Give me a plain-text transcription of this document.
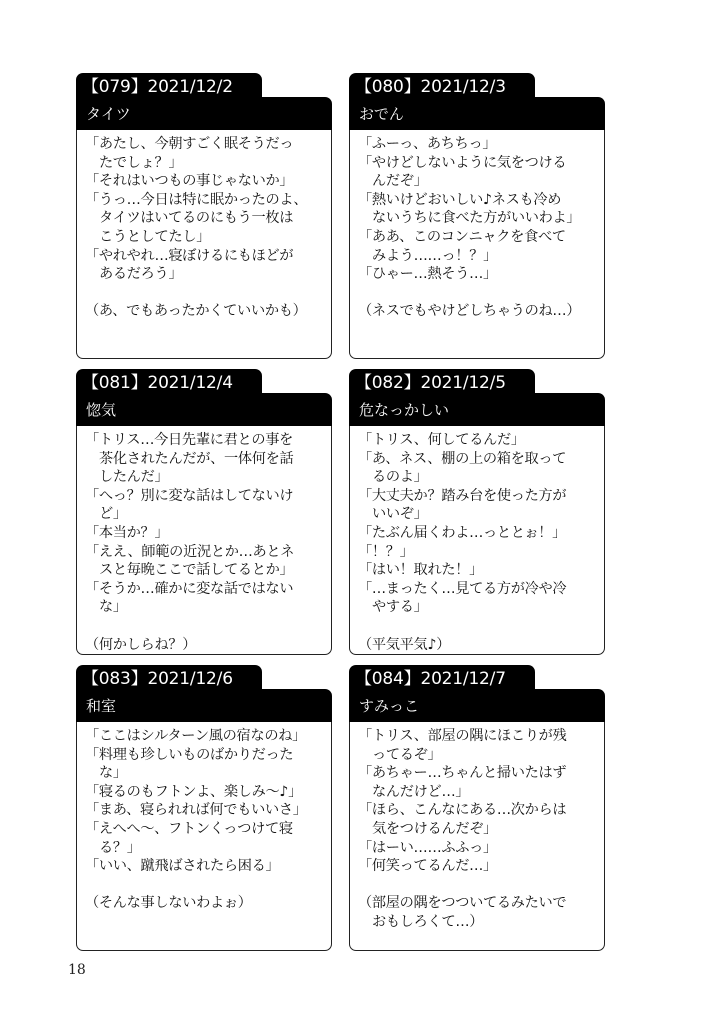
【079】2021/12/2
タイツ
「あたし、今朝すごく眠そうだっ
たでしょ？」
「それはいつもの事じゃないか」
「うっ…今日は特に眠かったのよ、
タイツはいてるのにもう一枚は
こうとしてたし」
「やれやれ…寝ぼけるにもほどが
あるだろう」
（あ、でもあったかくていいかも）
【080】2021/12/3
おでん
「ふーっ、あちちっ」
「やけどしないように気をつける
んだぞ」
「熱いけどおいしい♪ネスも冷め
ないうちに食べた方がいいわよ」
「ああ、このコンニャクを食べて
みよう……っ！？」
「ひゃー…熱そう…」
（ネスでもやけどしちゃうのね…）
【081】2021/12/4
惚気
「トリス…今日先輩に君との事を
茶化されたんだが、一体何を話
したんだ」
「へっ？別に変な話はしてないけ
ど」
「本当か？」
「ええ、師範の近況とか…あとネ
スと毎晩ここで話してるとか」
「そうか…確かに変な話ではない
な」
（何かしらね？）
【082】2021/12/5
危なっかしい
「トリス、何してるんだ」
「あ、ネス、棚の上の箱を取って
るのよ」
「大丈夫か？踏み台を使った方が
いいぞ」
「たぶん届くわよ…っととぉ！」
「！？」
「はい！取れた！」
「…まったく…見てる方が冷や冷
やする」
（平気平気♪）
【083】2021/12/6
和室
「ここはシルターン風の宿なのね」
「料理も珍しいものばかりだった
な」
「寝るのもフトンよ、楽しみ～♪」
「まあ、寝られれば何でもいいさ」
「えへへ～、フトンくっつけて寝
る？」
「いい、蹴飛ばされたら困る」
（そんな事しないわよぉ）
【084】2021/12/7
すみっこ
「トリス、部屋の隅にほこりが残
ってるぞ」
「あちゃー…ちゃんと掃いたはず
なんだけど…」
「ほら、こんなにある…次からは
気をつけるんだぞ」
「はーい……ふふっ」
「何笑ってるんだ…」
（部屋の隅をつついてるみたいで
おもしろくて…）
18
